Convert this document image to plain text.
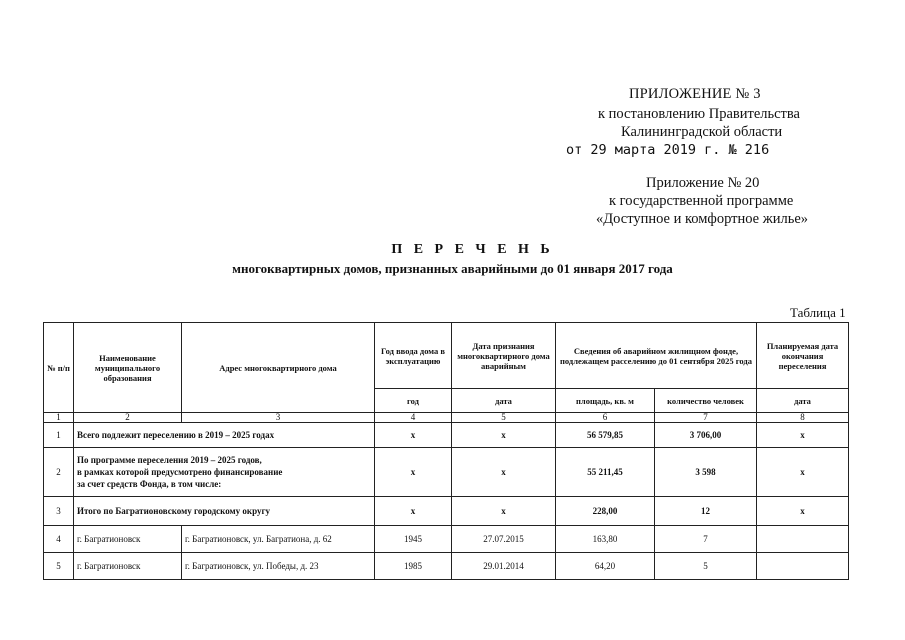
ПРИЛОЖЕНИЕ № 3
к постановлению Правительства
Калининградской области
от 29 марта 2019 г. № 216
Приложение № 20
к государственной программе
«Доступное и комфортное жилье»
П Е Р Е Ч Е Н Ь
многоквартирных домов, признанных аварийными до 01 января 2017 года
Таблица 1
№ п/п	Наименование муниципального образования	Адрес многоквартирного дома	Год ввода дома в эксплуатацию	Дата признания многоквартирного дома аварийным	Сведения об аварийном жилищном фонде, подлежащем расселению до 01 сентября 2025 года		Планируемая дата окончания переселения
			год	дата	площадь, кв. м	количество человек	дата
1	2	3	4	5	6	7	8
1	Всего подлежит переселению в 2019 – 2025 годах		х	х	56 579,85	3 706,00	х
2	По программе переселения 2019 – 2025 годов,
в рамках которой предусмотрено финансирование
за счет средств Фонда, в том числе:		х	х	55 211,45	3 598	х
3	Итого по Багратионовскому городскому округу		х	х	228,00	12	х
4	г. Багратионовск	г. Багратионовск, ул. Багратиона, д. 62	1945	27.07.2015	163,80	7	
5	г. Багратионовск	г. Багратионовск, ул. Победы, д. 23	1985	29.01.2014	64,20	5	
